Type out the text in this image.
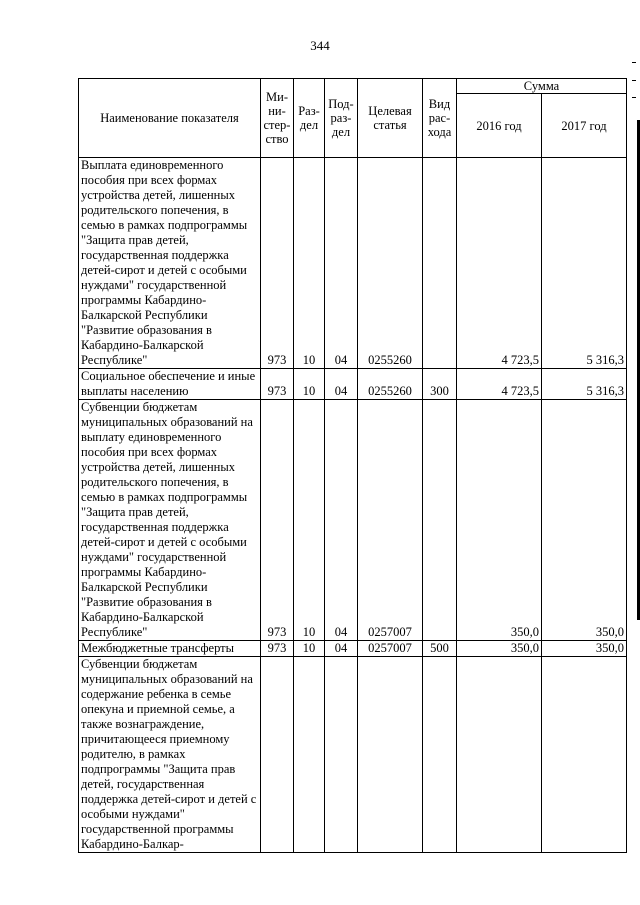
344
Наименование показателя	Ми-ни-стер-ство	Раз-дел	Под-раз-дел	Целевая статья	Вид рас-хода	Сумма	
						2016 год	2017 год
Выплата единовременного пособия при всех формах устройства детей, лишенных родительского попечения, в семью в рамках подпрограммы "Защита прав детей, государственная поддержка детей-сирот и детей с особыми нуждами" государственной программы Кабардино-Балкарской Республики "Развитие образования в Кабардино-Балкарской Республике"	973	10	04	0255260		4 723,5	5 316,3
Социальное обеспечение и иные выплаты населению	973	10	04	0255260	300	4 723,5	5 316,3
Субвенции бюджетам муниципальных образований на выплату единовременного пособия при всех формах устройства детей, лишенных родительского попечения, в семью в рамках подпрограммы "Защита прав детей, государственная поддержка детей-сирот и детей с особыми нуждами" государственной программы Кабардино-Балкарской Республики "Развитие образования в Кабардино-Балкарской Республике"	973	10	04	0257007		350,0	350,0
Межбюджетные трансферты	973	10	04	0257007	500	350,0	350,0
Субвенции бюджетам муниципальных образований на содержание ребенка в семье опекуна и приемной семье, а также вознаграждение, причитающееся приемному родителю, в рамках подпрограммы "Защита прав детей, государственная поддержка детей-сирот и детей с особыми нуждами" государственной программы Кабардино-Балкар-							
